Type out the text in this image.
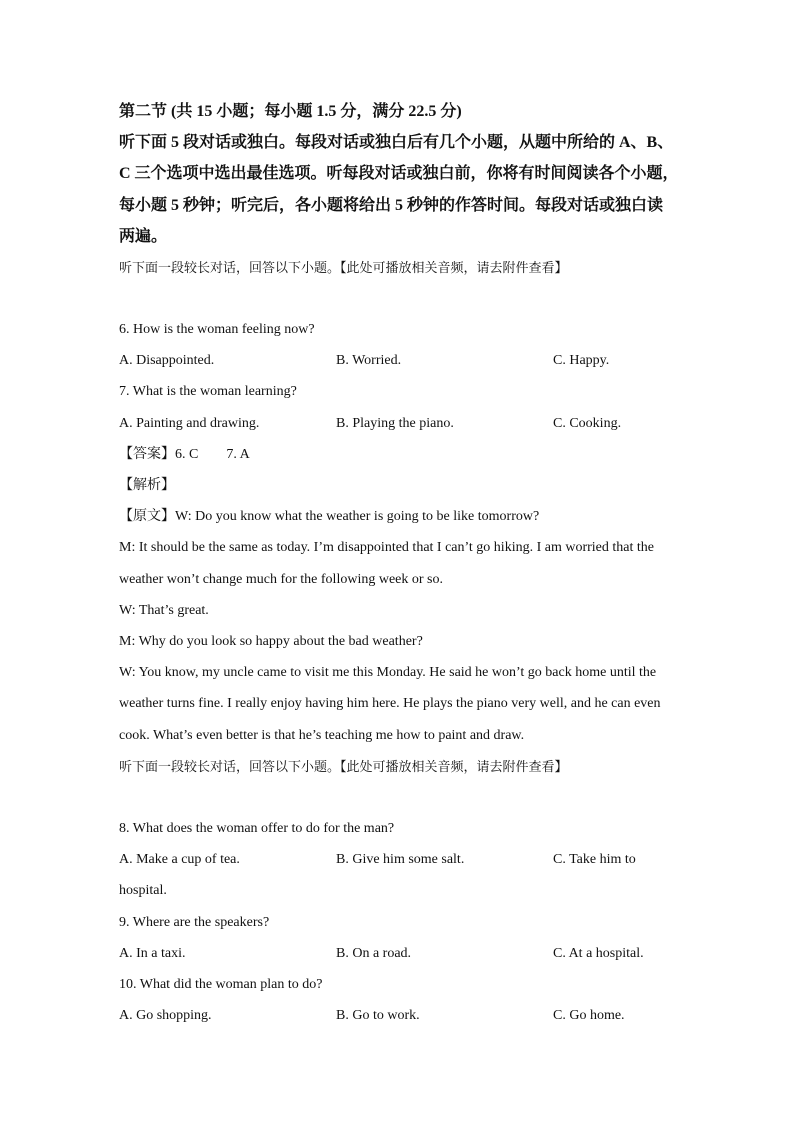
第二节 (共 15 小题；每小题 1.5 分，满分 22.5 分)
听下面 5 段对话或独白。每段对话或独白后有几个小题，从题中所给的 A、B、
C 三个选项中选出最佳选项。听每段对话或独白前，你将有时间阅读各个小题，
每小题 5 秒钟；听完后，各小题将给出 5 秒钟的作答时间。每段对话或独白读
两遍。
听下面一段较长对话，回答以下小题。【此处可播放相关音频，请去附件查看】
6. How is the woman feeling now?
A. Disappointed.	B. Worried.	C. Happy.
7. What is the woman learning?
A. Painting and drawing.	B. Playing the piano.	C. Cooking.
【答案】6. C 7. A
【解析】
【原文】W: Do you know what the weather is going to be like tomorrow?
M: It should be the same as today. I’m disappointed that I can’t go hiking. I am worried that the
weather won’t change much for the following week or so.
W: That’s great.
M: Why do you look so happy about the bad weather?
W: You know, my uncle came to visit me this Monday. He said he won’t go back home until the
weather turns fine. I really enjoy having him here. He plays the piano very well, and he can even
cook. What’s even better is that he’s teaching me how to paint and draw.
听下面一段较长对话，回答以下小题。【此处可播放相关音频，请去附件查看】
8. What does the woman offer to do for the man?
A. Make a cup of tea.	B. Give him some salt.	C. Take him to
hospital.
9. Where are the speakers?
A. In a taxi.	B. On a road.	C. At a hospital.
10. What did the woman plan to do?
A. Go shopping.	B. Go to work.	C. Go home.
